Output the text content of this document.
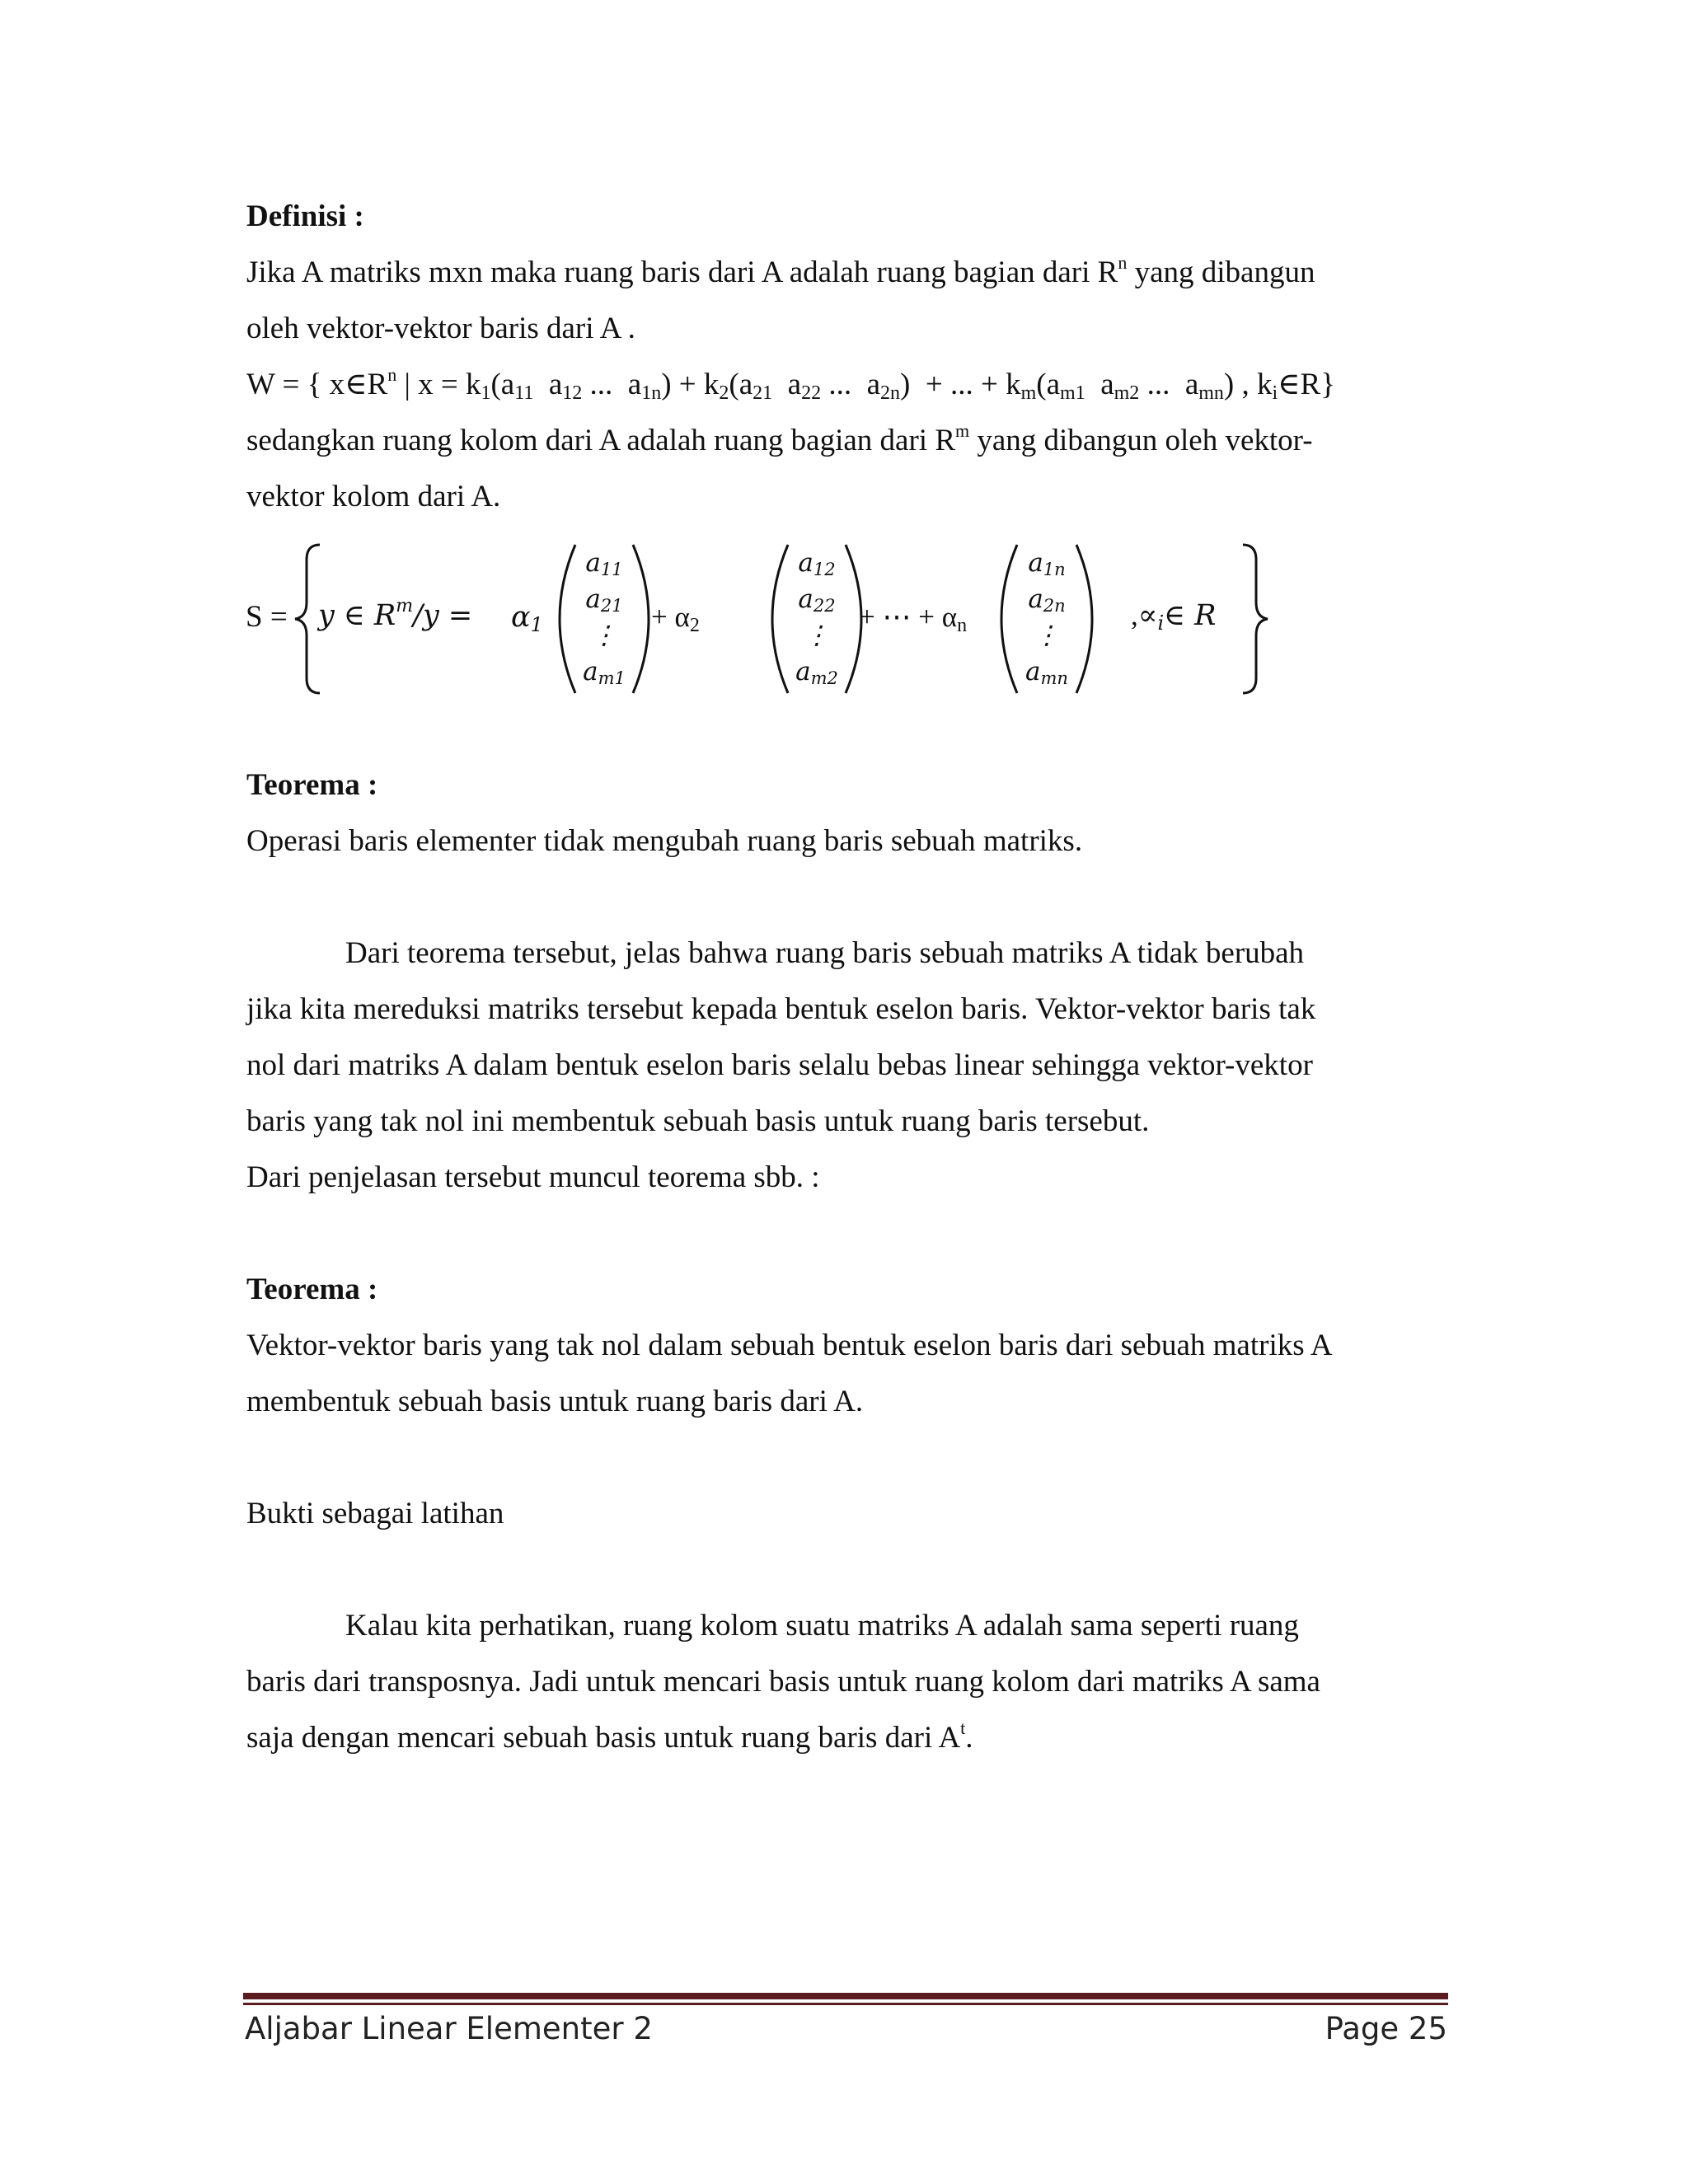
Definisi :

Jika A matriks mxn maka ruang baris dari A adalah ruang bagian dari $R^n$ yang dibangun

oleh vektor-vektor baris dari A .

W = { $x\in R^n$ | $x = k_1(a_{11}$  $a_{12}$ ...  $a_{1n}) + k_2(a_{21}$  $a_{22}$ ...  $a_{2n}$)  + ... + $k_m(a_{m1}$  $a_{m2}$ ...  $a_{mn}$) , $k_i\in R$}

sedangkan ruang kolom dari A adalah ruang bagian dari $R^m$ yang dibangun oleh vektor-

vektor kolom dari A.

S = y ∈ $R^m/y = \alpha_1$
$a_{11}$
$a_{21}$
⋮
$a_{m1}$
+ $\alpha_2$
$a_{12}$
$a_{22}$
⋮
$a_{m2}$
+ ⋯ + $\alpha_n$
$a_{1n}$
$a_{2n}$
⋮
$a_{mn}$
$,\propto_i\in$ R

Teorema :

Operasi baris elementer tidak mengubah ruang baris sebuah matriks.

Dari teorema tersebut, jelas bahwa ruang baris sebuah matriks A tidak berubah

jika kita mereduksi matriks tersebut kepada bentuk eselon baris. Vektor-vektor baris tak

nol dari matriks A dalam bentuk eselon baris selalu bebas linear sehingga vektor-vektor

baris yang tak nol ini membentuk sebuah basis untuk ruang baris tersebut.

Dari penjelasan tersebut muncul teorema sbb. :

Teorema :

Vektor-vektor baris yang tak nol dalam sebuah bentuk eselon baris dari sebuah matriks A

membentuk sebuah basis untuk ruang baris dari A.

Bukti sebagai latihan

Kalau kita perhatikan, ruang kolom suatu matriks A adalah sama seperti ruang

baris dari transposnya. Jadi untuk mencari basis untuk ruang kolom dari matriks A sama

saja dengan mencari sebuah basis untuk ruang baris dari $A^t$.

Aljabar Linear Elementer 2	Page 25
